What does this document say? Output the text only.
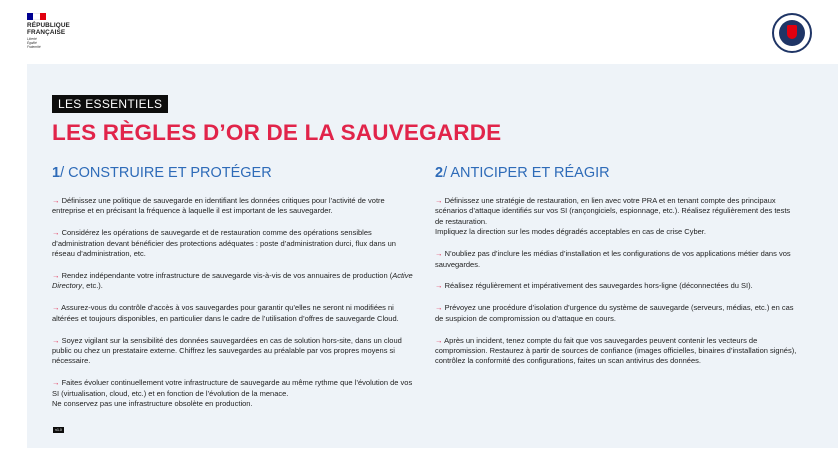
RÉPUBLIQUE
FRANÇAISE
Liberté
Égalité
Fraternité
LES ESSENTIELS
LES RÈGLES D’OR DE LA SAUVEGARDE
1/ CONSTRUIRE ET PROTÉGER

→ Définissez une politique de sauvegarde en identifiant les données critiques pour l’activité de votre entreprise et en précisant la fréquence à laquelle il est important de les sauvegarder.

→ Considérez les opérations de sauvegarde et de restauration comme des opérations sensibles d’administration devant bénéficier des protections adéquates : poste d’administration durci, flux dans un réseau d’administration, etc.

→ Rendez indépendante votre infrastructure de sauvegarde vis-à-vis de vos annuaires de production (Active Directory, etc.).

→ Assurez-vous du contrôle d’accès à vos sauvegardes pour garantir qu’elles ne seront ni modifiées ni altérées et toujours disponibles, en particulier dans le cadre de l’utilisation d’offres de sauvegarde Cloud.

→ Soyez vigilant sur la sensibilité des données sauvegardées en cas de solution hors-site, dans un cloud public ou chez un prestataire externe. Chiffrez les sauvegardes au préalable par vos propres moyens si nécessaire.

→ Faites évoluer continuellement votre infrastructure de sauvegarde au même rythme que l’évolution de vos SI (virtualisation, cloud, etc.) et en fonction de l’évolution de la menace.
Ne conservez pas une infrastructure obsolète en production.

2/ ANTICIPER ET RÉAGIR

→ Définissez une stratégie de restauration, en lien avec votre PRA et en tenant compte des principaux scénarios d’attaque identifiés sur vos SI (rançongiciels, espionnage, etc.). Réalisez régulièrement des tests de restauration.
Impliquez la direction sur les modes dégradés acceptables en cas de crise Cyber.

→ N’oubliez pas d’inclure les médias d’installation et les configurations de vos applications métier dans vos sauvegardes.

→ Réalisez régulièrement et impérativement des sauvegardes hors-ligne (déconnectées du SI).

→ Prévoyez une procédure d’isolation d’urgence du système de sauvegarde (serveurs, médias, etc.) en cas de suspicion de compromission ou d’attaque en cours.

→ Après un incident, tenez compte du fait que vos sauvegardes peuvent contenir les vecteurs de compromission. Restaurez à partir de sources de confiance (images officielles, binaires d’installation signés), contrôlez la conformité des configurations, faites un scan antivirus des données.

v1.0
